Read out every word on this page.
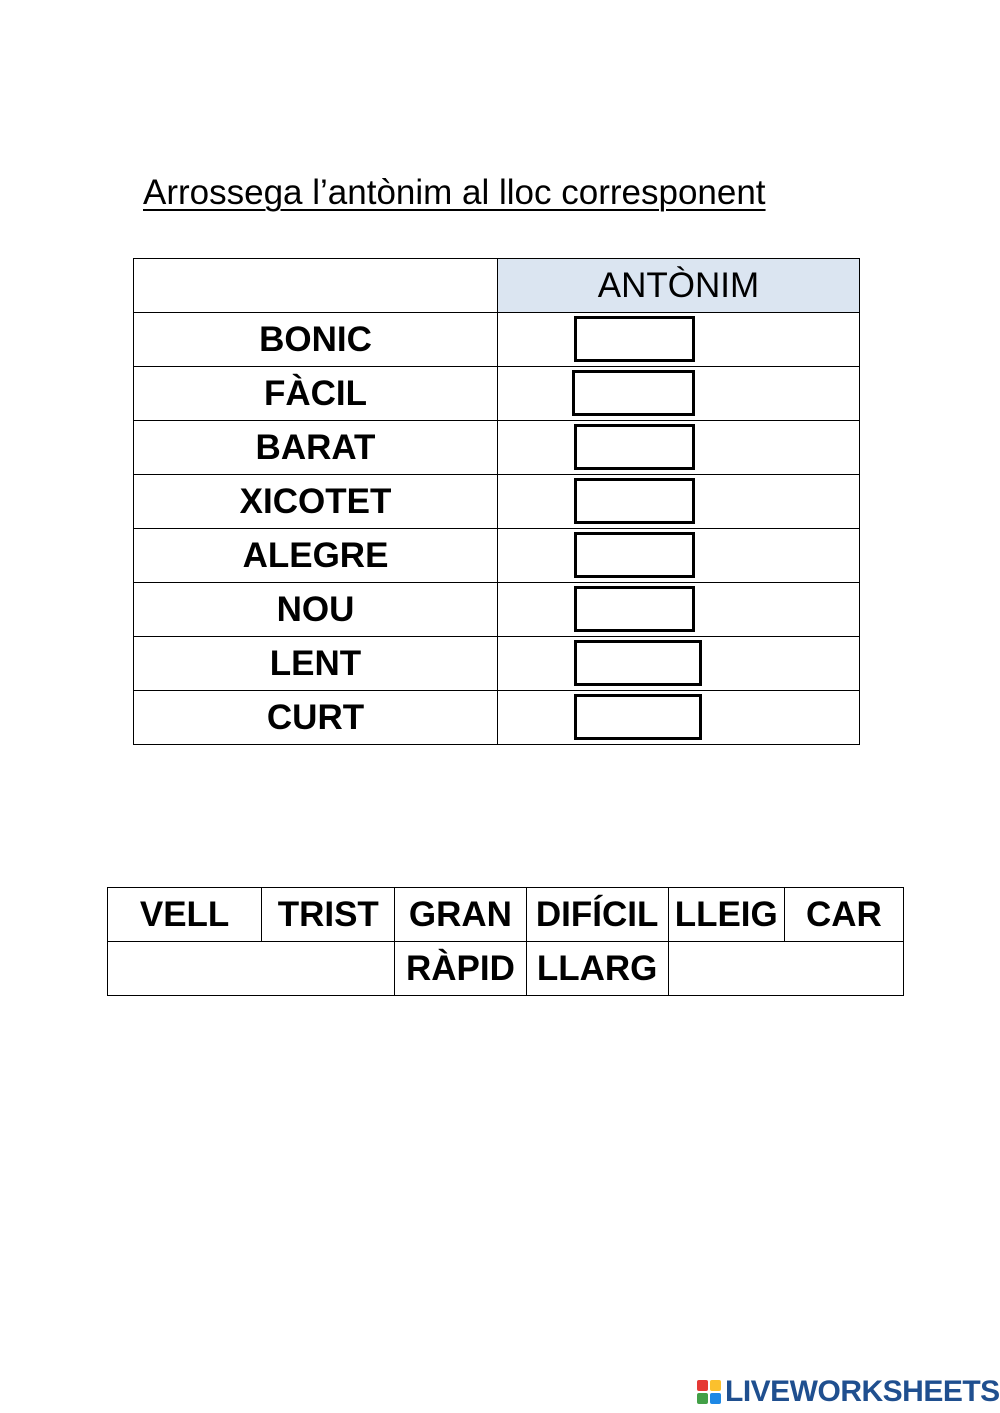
Arrossega l’antònim al lloc corresponent
	ANTÒNIM
BONIC	

FÀCIL	

BARAT	

XICOTET	

ALEGRE	

NOU	

LENT	

CURT	
VELL	TRIST	GRAN	DIFÍCIL	LLEIG	CAR
		RÀPID	LLARG		
LIVEWORKSHEETS
